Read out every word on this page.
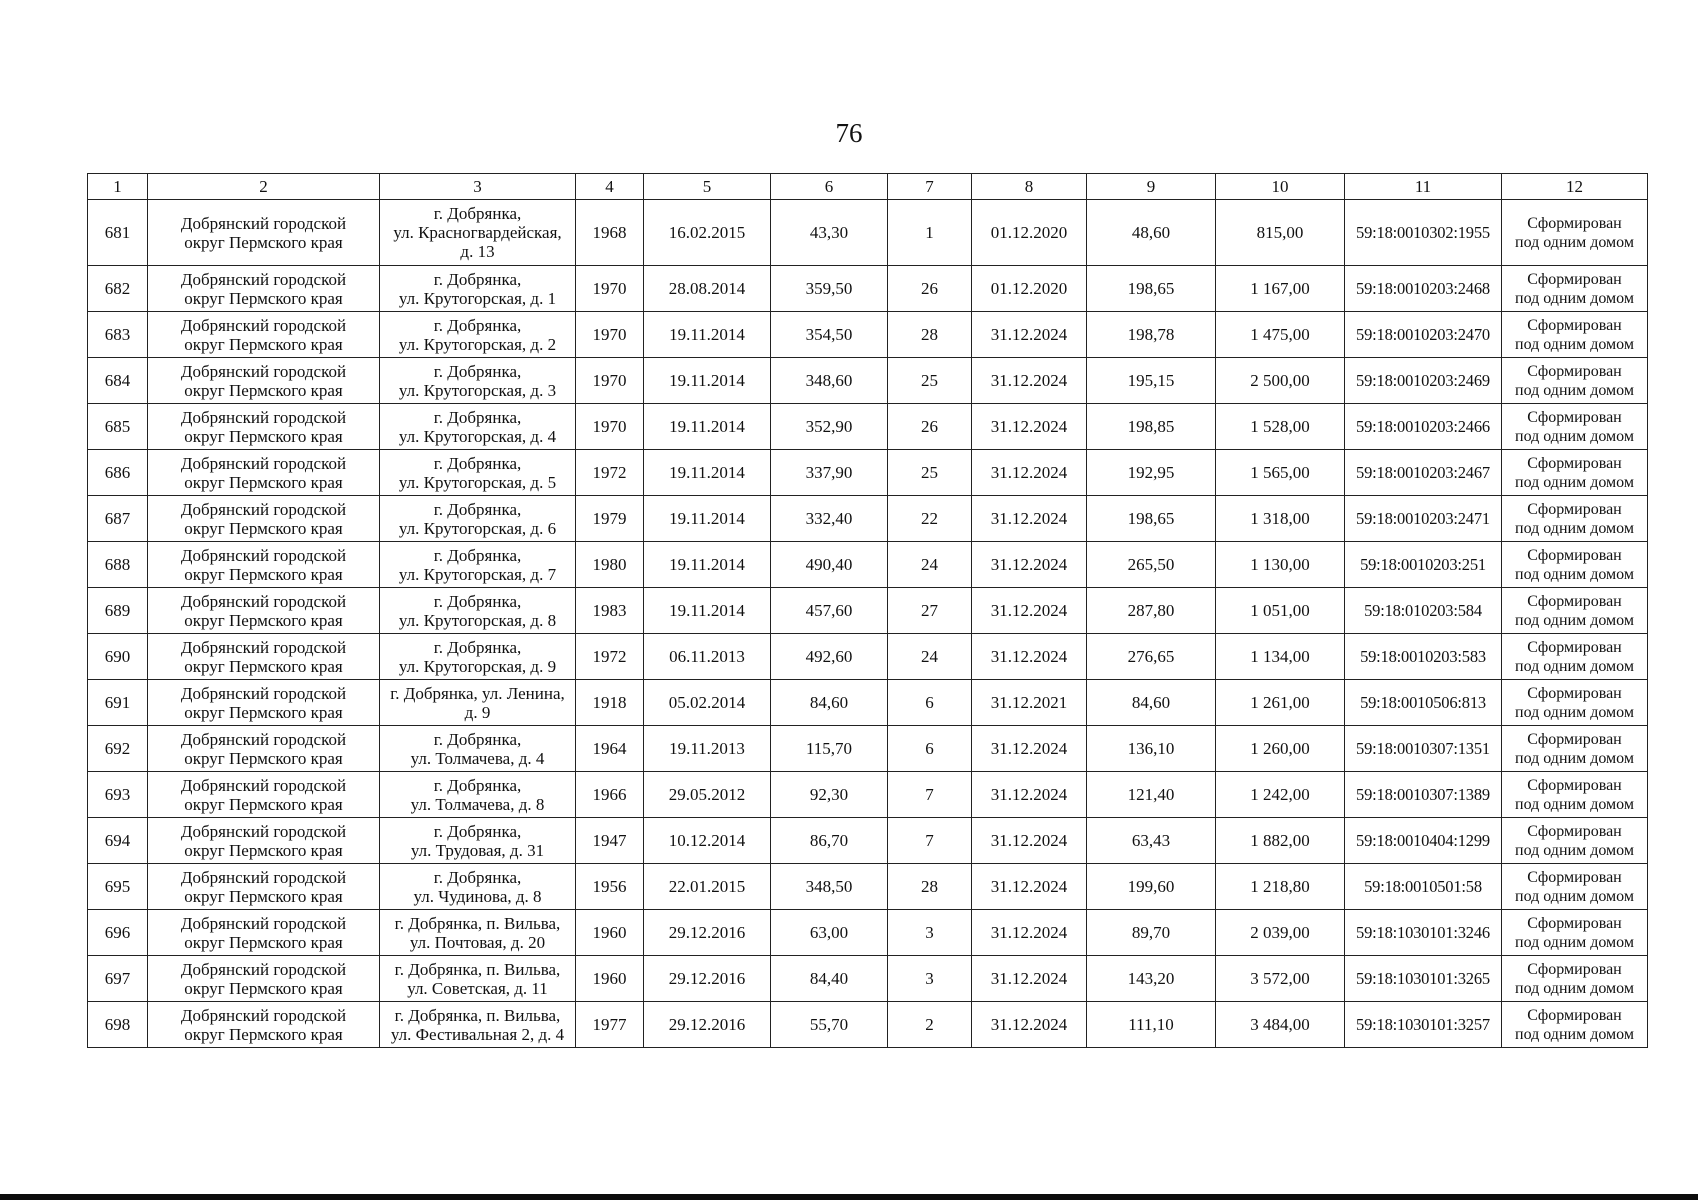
76
1	2	3	4	5	6	7	8	9	10	11	12
681	Добрянский городской
округ Пермского края	г. Добрянка,
ул. Красногвардейская,
д. 13	1968	16.02.2015	43,30	1	01.12.2020	48,60	815,00	59:18:0010302:1955	Сформирован
под одним домом

682	Добрянский городской
округ Пермского края	г. Добрянка,
ул. Крутогорская, д. 1	1970	28.08.2014	359,50	26	01.12.2020	198,65	1 167,00	59:18:0010203:2468	Сформирован
под одним домом

683	Добрянский городской
округ Пермского края	г. Добрянка,
ул. Крутогорская, д. 2	1970	19.11.2014	354,50	28	31.12.2024	198,78	1 475,00	59:18:0010203:2470	Сформирован
под одним домом

684	Добрянский городской
округ Пермского края	г. Добрянка,
ул. Крутогорская, д. 3	1970	19.11.2014	348,60	25	31.12.2024	195,15	2 500,00	59:18:0010203:2469	Сформирован
под одним домом

685	Добрянский городской
округ Пермского края	г. Добрянка,
ул. Крутогорская, д. 4	1970	19.11.2014	352,90	26	31.12.2024	198,85	1 528,00	59:18:0010203:2466	Сформирован
под одним домом

686	Добрянский городской
округ Пермского края	г. Добрянка,
ул. Крутогорская, д. 5	1972	19.11.2014	337,90	25	31.12.2024	192,95	1 565,00	59:18:0010203:2467	Сформирован
под одним домом

687	Добрянский городской
округ Пермского края	г. Добрянка,
ул. Крутогорская, д. 6	1979	19.11.2014	332,40	22	31.12.2024	198,65	1 318,00	59:18:0010203:2471	Сформирован
под одним домом

688	Добрянский городской
округ Пермского края	г. Добрянка,
ул. Крутогорская, д. 7	1980	19.11.2014	490,40	24	31.12.2024	265,50	1 130,00	59:18:0010203:251	Сформирован
под одним домом

689	Добрянский городской
округ Пермского края	г. Добрянка,
ул. Крутогорская, д. 8	1983	19.11.2014	457,60	27	31.12.2024	287,80	1 051,00	59:18:010203:584	Сформирован
под одним домом

690	Добрянский городской
округ Пермского края	г. Добрянка,
ул. Крутогорская, д. 9	1972	06.11.2013	492,60	24	31.12.2024	276,65	1 134,00	59:18:0010203:583	Сформирован
под одним домом

691	Добрянский городской
округ Пермского края	г. Добрянка, ул. Ленина,
д. 9	1918	05.02.2014	84,60	6	31.12.2021	84,60	1 261,00	59:18:0010506:813	Сформирован
под одним домом

692	Добрянский городской
округ Пермского края	г. Добрянка,
ул. Толмачева, д. 4	1964	19.11.2013	115,70	6	31.12.2024	136,10	1 260,00	59:18:0010307:1351	Сформирован
под одним домом

693	Добрянский городской
округ Пермского края	г. Добрянка,
ул. Толмачева, д. 8	1966	29.05.2012	92,30	7	31.12.2024	121,40	1 242,00	59:18:0010307:1389	Сформирован
под одним домом

694	Добрянский городской
округ Пермского края	г. Добрянка,
ул. Трудовая, д. 31	1947	10.12.2014	86,70	7	31.12.2024	63,43	1 882,00	59:18:0010404:1299	Сформирован
под одним домом

695	Добрянский городской
округ Пермского края	г. Добрянка,
ул. Чудинова, д. 8	1956	22.01.2015	348,50	28	31.12.2024	199,60	1 218,80	59:18:0010501:58	Сформирован
под одним домом

696	Добрянский городской
округ Пермского края	г. Добрянка, п. Вильва,
ул. Почтовая, д. 20	1960	29.12.2016	63,00	3	31.12.2024	89,70	2 039,00	59:18:1030101:3246	Сформирован
под одним домом

697	Добрянский городской
округ Пермского края	г. Добрянка, п. Вильва,
ул. Советская, д. 11	1960	29.12.2016	84,40	3	31.12.2024	143,20	3 572,00	59:18:1030101:3265	Сформирован
под одним домом

698	Добрянский городской
округ Пермского края	г. Добрянка, п. Вильва,
ул. Фестивальная 2, д. 4	1977	29.12.2016	55,70	2	31.12.2024	111,10	3 484,00	59:18:1030101:3257	Сформирован
под одним домом
